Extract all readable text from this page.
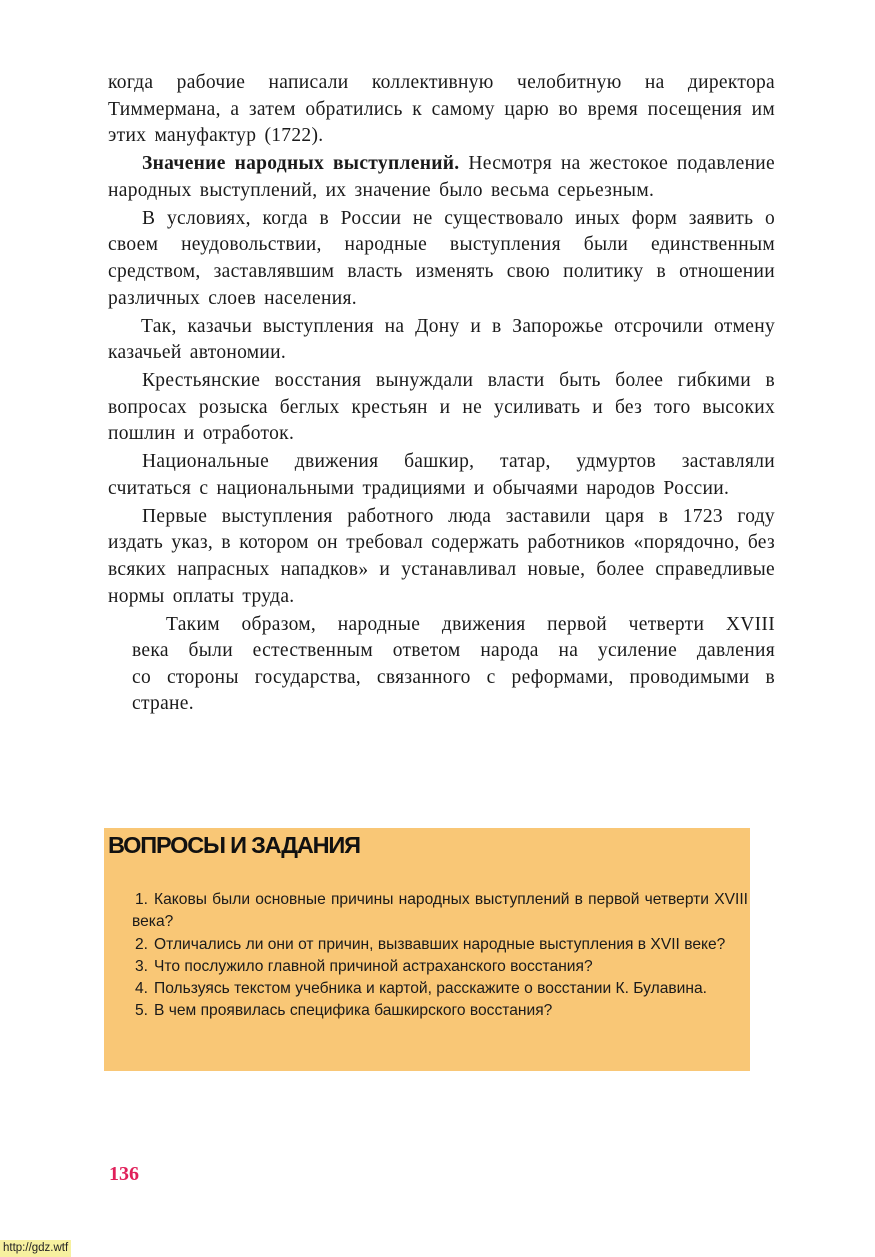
когда рабочие написали коллективную челобитную на директора Тиммермана, а затем обратились к самому царю во время посещения им этих мануфактур (1722).

Значение народных выступлений. Несмотря на жестокое подавление народных выступлений, их значение было весьма серьезным.

В условиях, когда в России не существовало иных форм заявить о своем неудовольствии, народные выступления были единственным средством, заставлявшим власть изменять свою политику в отношении различных слоев населения.

Так, казачьи выступления на Дону и в Запорожье отсрочили отмену казачьей автономии.

Крестьянские восстания вынуждали власти быть более гибкими в вопросах розыска беглых крестьян и не усиливать и без того высоких пошлин и отработок.

Национальные движения башкир, татар, удмуртов заставляли считаться с национальными традициями и обычаями народов России.

Первые выступления работного люда заставили царя в 1723 году издать указ, в котором он требовал содержать работников «порядочно, без всяких напрасных нападков» и устанавливал новые, более справедливые нормы оплаты труда.

Таким образом, народные движения первой четверти XVIII века были естественным ответом народа на усиление давления со стороны государства, связанного с реформами, проводимыми в стране.

ВОПРОСЫ И ЗАДАНИЯ

1. Каковы были основные причины народных выступлений в первой четверти XVIII века?

2. Отличались ли они от причин, вызвавших народные выступления в XVII веке?

3. Что послужило главной причиной астраханского восстания?

4. Пользуясь текстом учебника и картой, расскажите о восстании К. Булавина.

5. В чем проявилась специфика башкирского восстания?

136
http://gdz.wtf
